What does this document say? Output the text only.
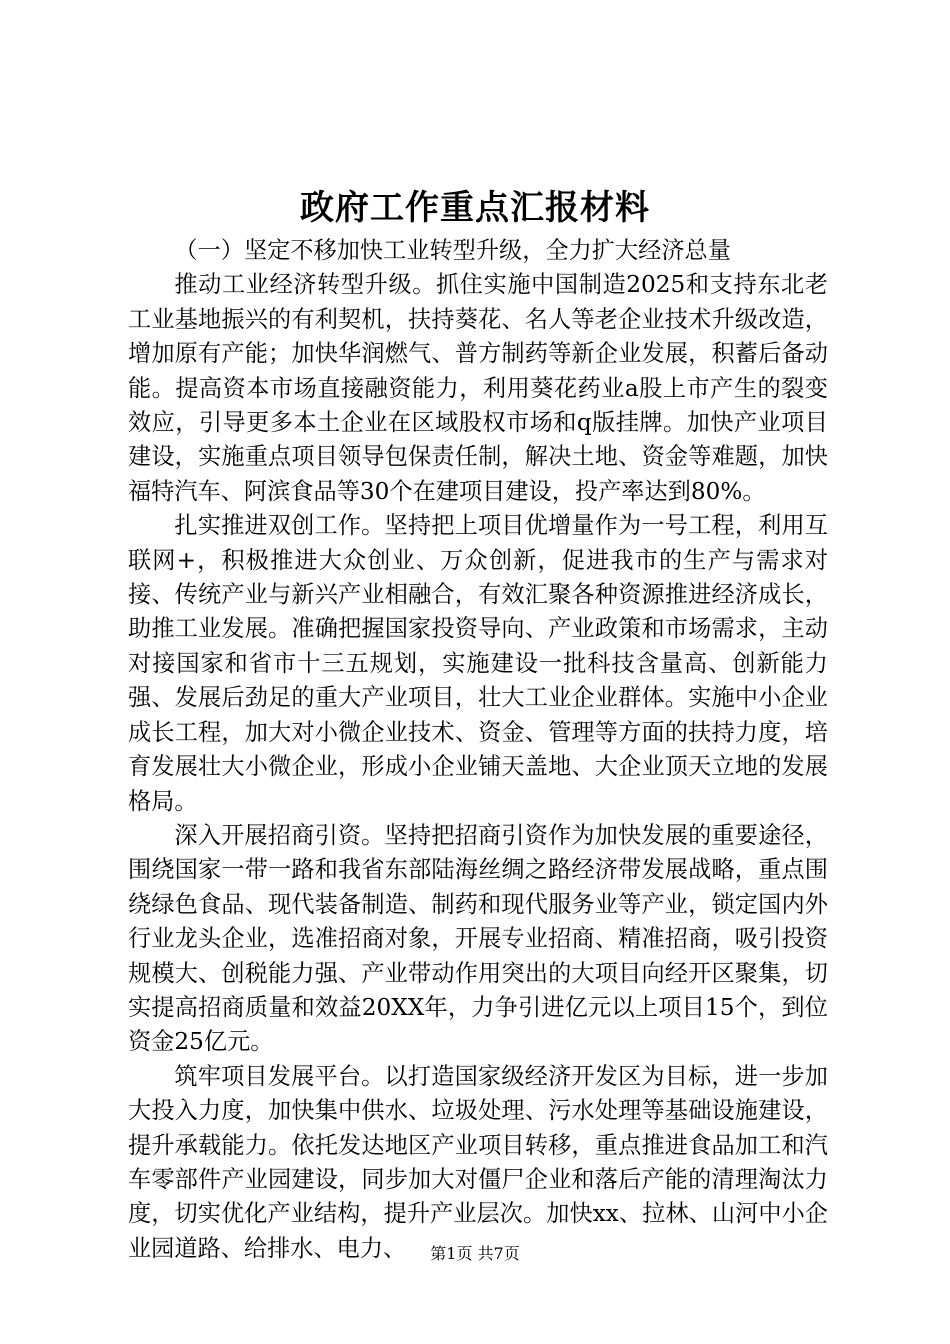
政府工作重点汇报材料

（一）坚定不移加快工业转型升级，全力扩大经济总量

推动工业经济转型升级。抓住实施中国制造2025和支持东北老工业基地振兴的有利契机，扶持葵花、名人等老企业技术升级改造，增加原有产能；加快华润燃气、普方制药等新企业发展，积蓄后备动能。提高资本市场直接融资能力，利用葵花药业a股上市产生的裂变效应，引导更多本土企业在区域股权市场和q版挂牌。加快产业项目建设，实施重点项目领导包保责任制，解决土地、资金等难题，加快福特汽车、阿滨食品等30个在建项目建设，投产率达到80%。

扎实推进双创工作。坚持把上项目优增量作为一号工程，利用互联网+，积极推进大众创业、万众创新，促进我市的生产与需求对接、传统产业与新兴产业相融合，有效汇聚各种资源推进经济成长，助推工业发展。准确把握国家投资导向、产业政策和市场需求，主动对接国家和省市十三五规划，实施建设一批科技含量高、创新能力强、发展后劲足的重大产业项目，壮大工业企业群体。实施中小企业成长工程，加大对小微企业技术、资金、管理等方面的扶持力度，培育发展壮大小微企业，形成小企业铺天盖地、大企业顶天立地的发展格局。

深入开展招商引资。坚持把招商引资作为加快发展的重要途径，围绕国家一带一路和我省东部陆海丝绸之路经济带发展战略，重点围绕绿色食品、现代装备制造、制药和现代服务业等产业，锁定国内外行业龙头企业，选准招商对象，开展专业招商、精准招商，吸引投资规模大、创税能力强、产业带动作用突出的大项目向经开区聚集，切实提高招商质量和效益20XX年，力争引进亿元以上项目15个，到位资金25亿元。

筑牢项目发展平台。以打造国家级经济开发区为目标，进一步加大投入力度，加快集中供水、垃圾处理、污水处理等基础设施建设，提升承载能力。依托发达地区产业项目转移，重点推进食品加工和汽车零部件产业园建设，同步加大对僵尸企业和落后产能的清理淘汰力度，切实优化产业结构，提升产业层次。加快xx、拉林、山河中小企业园道路、给排水、电力、	第1页 共7页
